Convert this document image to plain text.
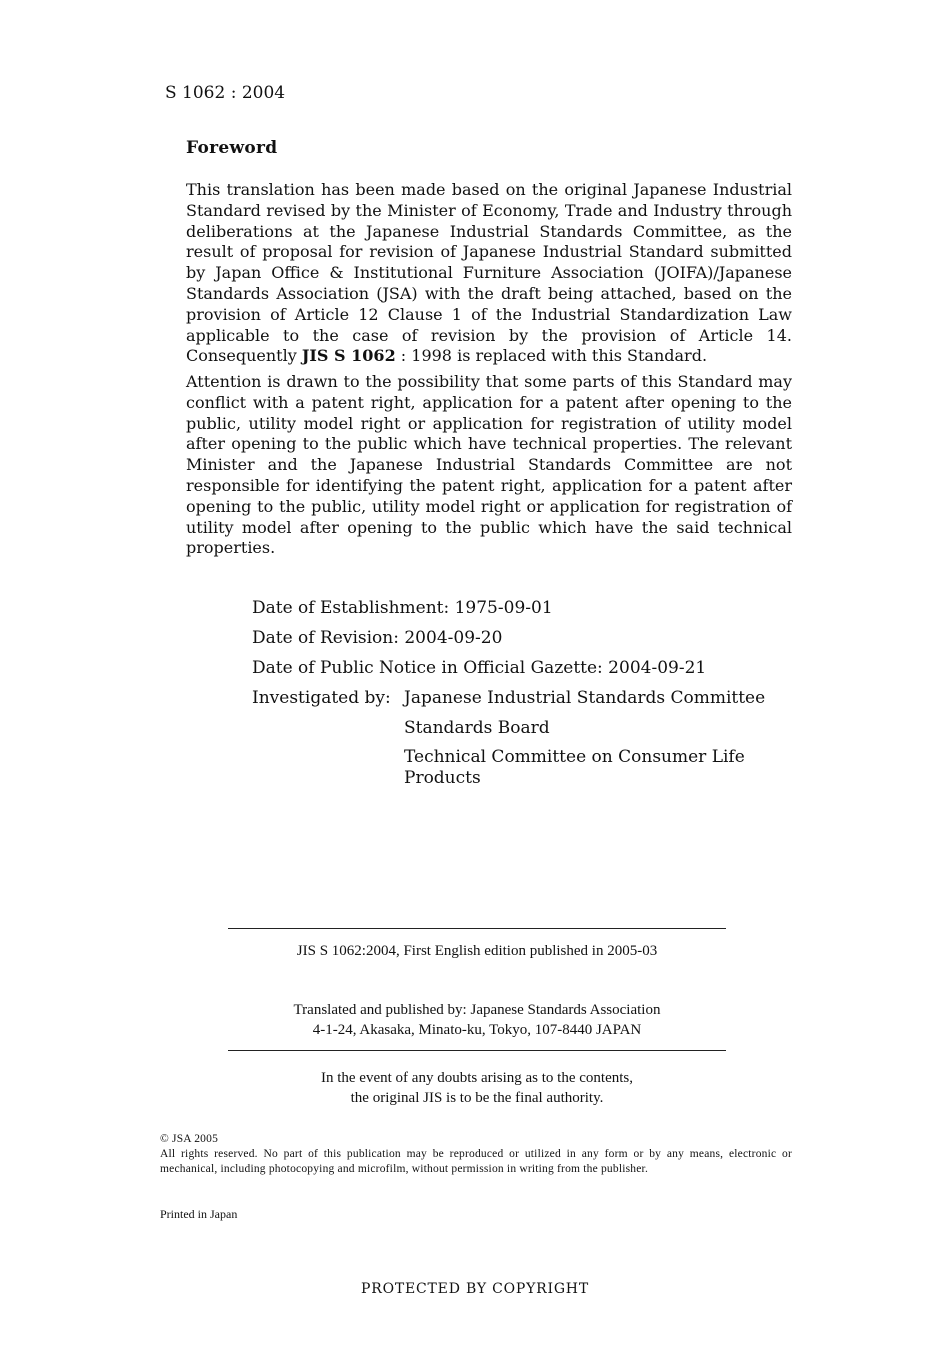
S 1062 : 2004
Foreword
This translation has been made based on the original Japanese Industrial Standard revised by the Minister of Economy, Trade and Industry through deliberations at the Japanese Industrial Standards Committee, as the result of proposal for revision of Japanese Industrial Standard submitted by Japan Office & Institutional Furniture Association (JOIFA)/Japanese Standards Association (JSA) with the draft being attached, based on the provision of Article 12 Clause 1 of the Industrial Standardization Law applicable to the case of revision by the provision of Article 14. Consequently JIS S 1062 : 1998 is replaced with this Standard.
Attention is drawn to the possibility that some parts of this Standard may conflict with a patent right, application for a patent after opening to the public, utility model right or application for registration of utility model after opening to the public which have technical properties. The relevant Minister and the Japanese Industrial Standards Committee are not responsible for identifying the patent right, application for a patent after opening to the public, utility model right or application for registration of utility model after opening to the public which have the said technical properties.
Date of Establishment: 1975-09-01
Date of Revision: 2004-09-20
Date of Public Notice in Official Gazette: 2004-09-21
Investigated by: Japanese Industrial Standards Committee
Standards Board
Technical Committee on Consumer Life Products
JIS S 1062:2004, First English edition published in 2005-03
Translated and published by: Japanese Standards Association
4-1-24, Akasaka, Minato-ku, Tokyo, 107-8440 JAPAN
In the event of any doubts arising as to the contents,
the original JIS is to be the final authority.
© JSA 2005
All rights reserved. No part of this publication may be reproduced or utilized in any form or by any means, electronic or mechanical, including photocopying and microfilm, without permission in writing from the publisher.
Printed in Japan
PROTECTED BY COPYRIGHT
